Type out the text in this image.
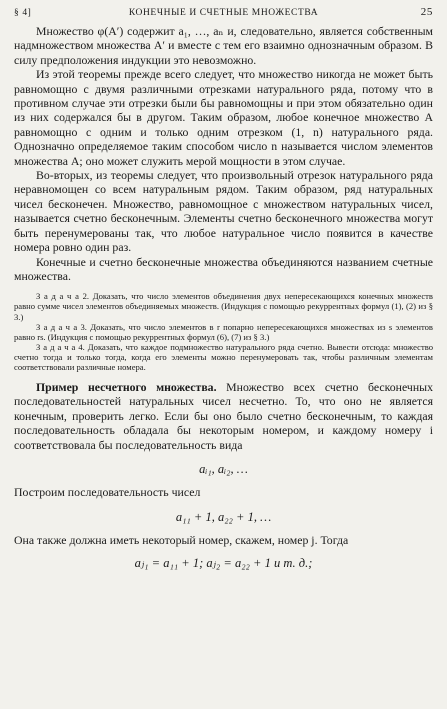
§ 4]	КОНЕЧНЫЕ И СЧЕТНЫЕ МНОЖЕСТВА	25

Множество φ(A′) содержит a₁, …, aₙ и, следовательно, является собственным надмножеством множества A′ и вместе с тем его взаимно однозначным образом. В силу предположения индукции это невозможно.

Из этой теоремы прежде всего следует, что множество никогда не может быть равномощно с двумя различными отрезками натурального ряда, потому что в противном случае эти отрезки были бы равномощны и при этом обязательно один из них содержался бы в другом. Таким образом, любое конечное множество A равномощно с одним и только одним отрезком (1, n) натурального ряда. Однозначно определяемое таким способом число n называется числом элементов множества A; оно может служить мерой мощности в этом случае.

Во-вторых, из теоремы следует, что произвольный отрезок натурального ряда неравномощен со всем натуральным рядом. Таким образом, ряд натуральных чисел бесконечен. Множество, равномощное с множеством натуральных чисел, называется счетно бесконечным. Элементы счетно бесконечного множества могут быть перенумерованы так, что любое натуральное число появится в качестве номера ровно один раз.

Конечные и счетно бесконечные множества объединяются названием счетные множества.

З а д а ч а 2. Доказать, что число элементов объединения двух непересекающихся конечных множеств равно сумме чисел элементов объединяемых множеств. (Индукция с помощью рекуррентных формул (1), (2) из § 3.)

З а д а ч а 3. Доказать, что число элементов в r попарно непересекающихся множествах из s элементов равно rs. (Индукция с помощью рекуррентных формул (6), (7) из § 3.)

З а д а ч а 4. Доказать, что каждое подмножество натурального ряда счетно. Вывести отсюда: множество счетно тогда и только тогда, когда его элементы можно перенумеровать так, чтобы различным элементам соответствовали различные номера.

Пример несчетного множества. Множество всех счетно бесконечных последовательностей натуральных чисел несчетно. То, что оно не является конечным, проверить легко. Если бы оно было счетно бесконечным, то каждая последовательность обладала бы некоторым номером, и каждому номеру i соответствовала бы последовательность вида

aᵢ₁, aᵢ₂, …

Построим последовательность чисел

a₁₁ + 1, a₂₂ + 1, …

Она также должна иметь некоторый номер, скажем, номер j. Тогда

aⱼ₁ = a₁₁ + 1; aⱼ₂ = a₂₂ + 1 и т. д.;
